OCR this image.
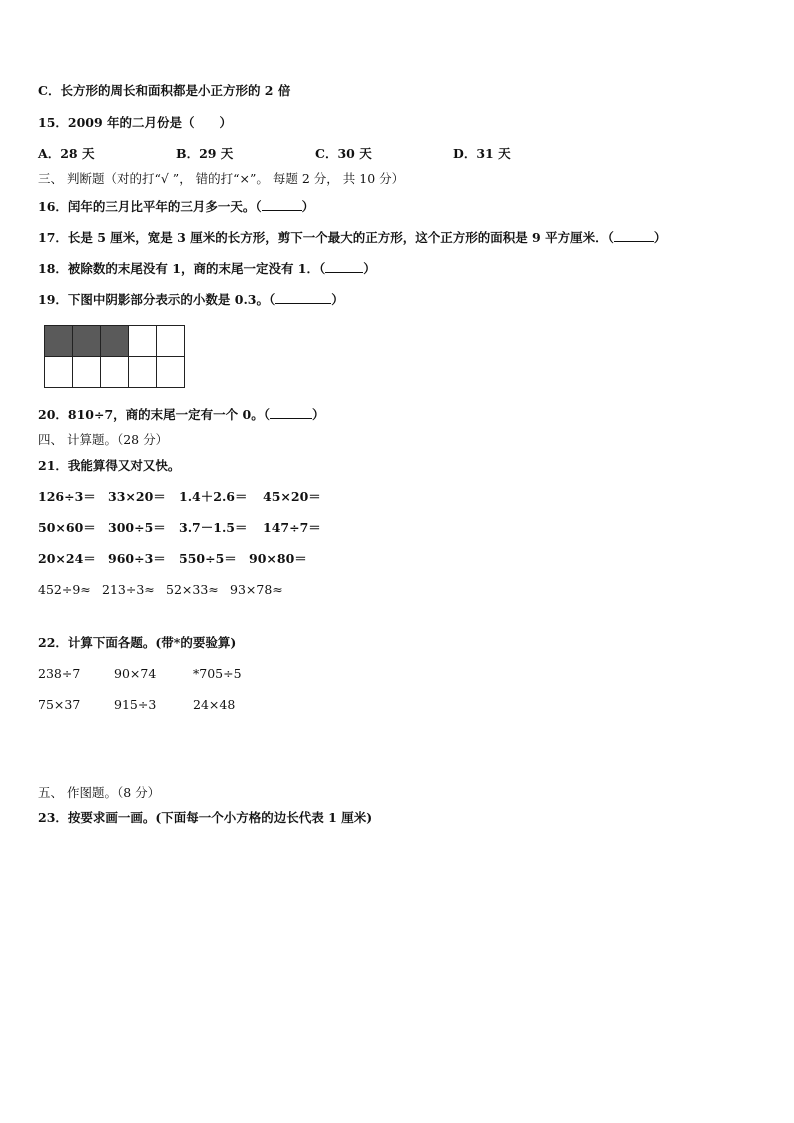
C．长方形的周长和面积都是小正方形的 2 倍
15．2009 年的二月份是（　　）
A．28 天	B．29 天	C．30 天	D．31 天
三、 判断题（对的打“√ ”， 错的打“×”。 每题 2 分， 共 10 分）
16．闰年的三月比平年的三月多一天。（	）
17．长是 5 厘米，宽是 3 厘米的长方形，剪下一个最大的正方形，这个正方形的面积是 9 平方厘米．（	）
18．被除数的末尾没有 1，商的末尾一定没有 1．（	）
19．下图中阴影部分表示的小数是 0.3。（	）
20．810÷7，商的末尾一定有一个 0。（	）
四、 计算题。（28 分）
21．我能算得又对又快。
126÷3＝ 33×20＝ 1.4＋2.6＝ 45×20＝
50×60＝ 300÷5＝ 3.7－1.5＝ 147÷7＝
20×24＝ 960÷3＝ 550÷5＝ 90×80＝
452÷9≈ 213÷3≈ 52×33≈ 93×78≈
22．计算下面各题。(带*的要验算)
238÷7	90×74	*705÷5
75×37	915÷3	24×48
五、 作图题。（8 分）
23．按要求画一画。(下面每一个小方格的边长代表 1 厘米)
